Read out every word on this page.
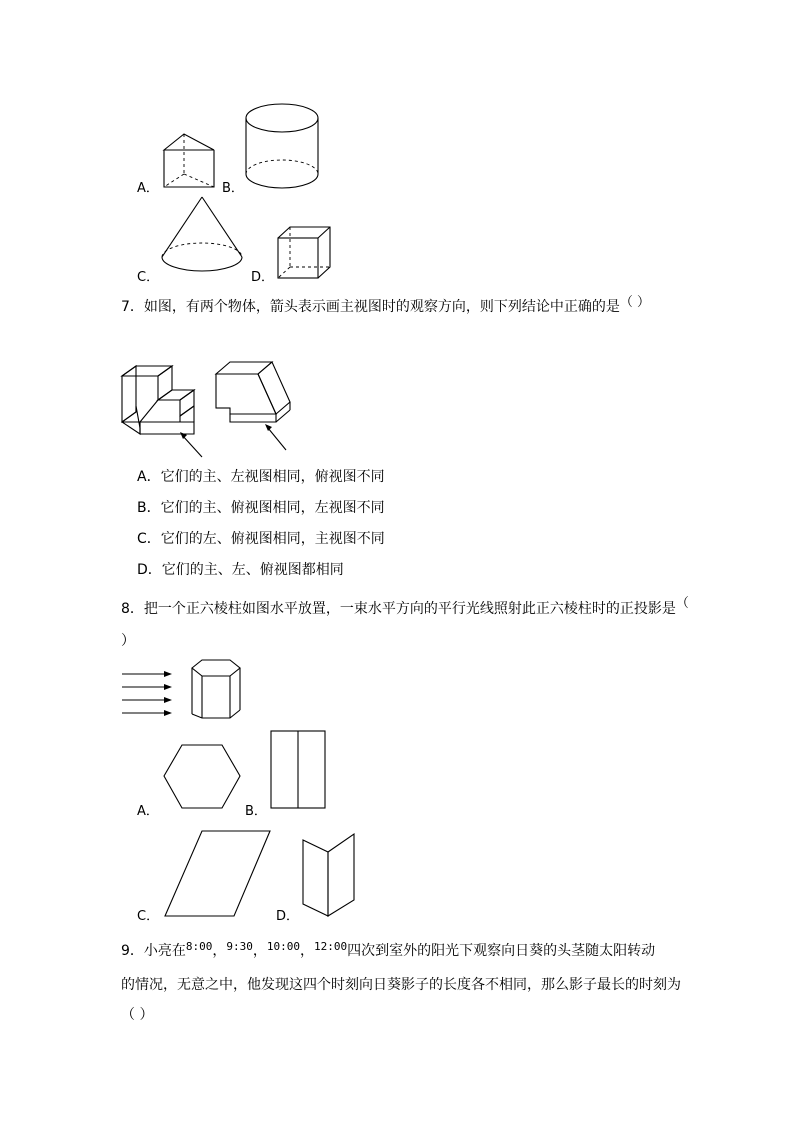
A．	B．
C．	D．
7．如图，有两个物体，箭头表示画主视图时的观察方向，则下列结论中正确的是（ ）
A．它们的主、左视图相同，俯视图不同
B．它们的主、俯视图相同，左视图不同
C．它们的左、俯视图相同，主视图不同
D．它们的主、左、俯视图都相同
8．把一个正六棱柱如图水平放置，一束水平方向的平行光线照射此正六棱柱时的正投影是（
）
A．	B．
C．	D．
9．小亮在$^{8:00}$，$^{9:30}$，$^{10:00}$，$^{12:00}$四次到室外的阳光下观察向日葵的头茎随太阳转动
的情况，无意之中，他发现这四个时刻向日葵影子的长度各不相同，那么影子最长的时刻为
（ ）
